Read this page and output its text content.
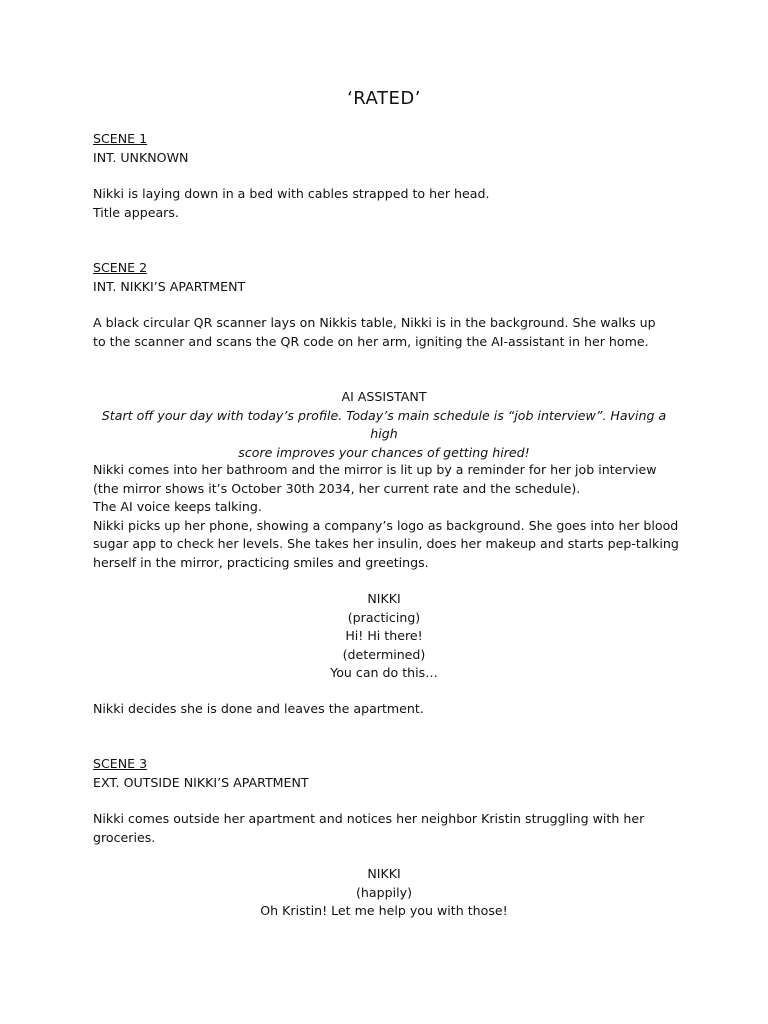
‘RATED’

SCENE 1

INT. UNKNOWN

Nikki is laying down in a bed with cables strapped to her head.

Title appears.

SCENE 2

INT. NIKKI’S APARTMENT

A black circular QR scanner lays on Nikkis table, Nikki is in the background. She walks up

to the scanner and scans the QR code on her arm, igniting the AI-assistant in her home.

AI ASSISTANT

Start off your day with today’s profile. Today’s main schedule is “job interview”. Having a high

score improves your chances of getting hired!

Nikki comes into her bathroom and the mirror is lit up by a reminder for her job interview

(the mirror shows it’s October 30th 2034, her current rate and the schedule).

The AI voice keeps talking.

Nikki picks up her phone, showing a company’s logo as background. She goes into her blood

sugar app to check her levels. She takes her insulin, does her makeup and starts pep-talking

herself in the mirror, practicing smiles and greetings.

NIKKI

(practicing)

Hi! Hi there!

(determined)

You can do this…

Nikki decides she is done and leaves the apartment.

SCENE 3

EXT. OUTSIDE NIKKI’S APARTMENT

Nikki comes outside her apartment and notices her neighbor Kristin struggling with her

groceries.

NIKKI

(happily)

Oh Kristin! Let me help you with those!
